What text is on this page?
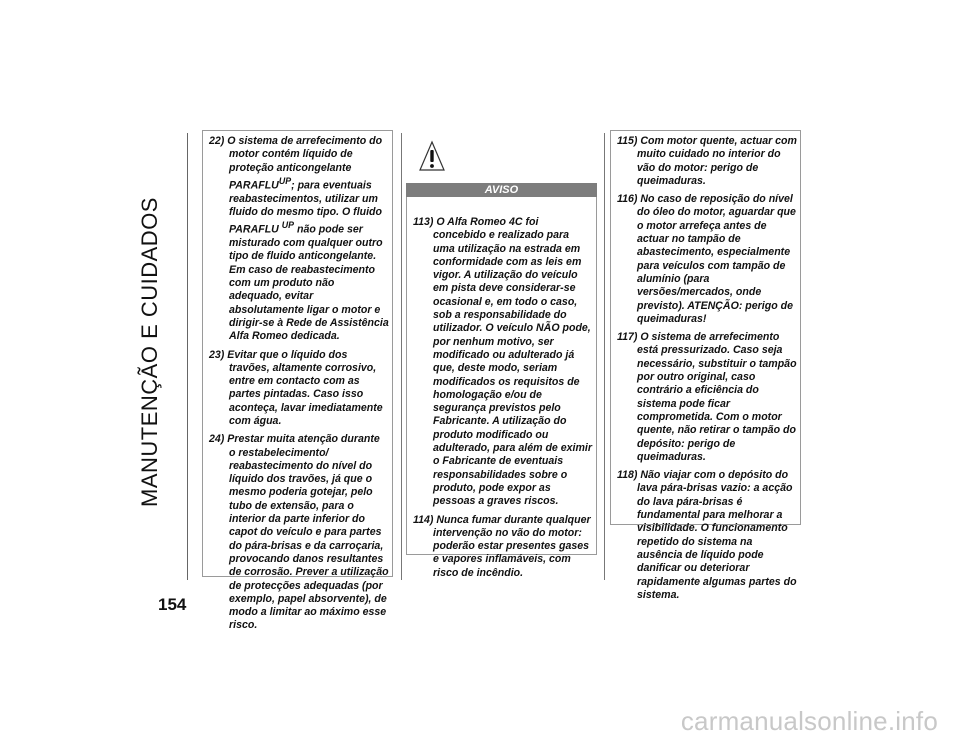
MANUTENÇÃO E CUIDADOS
154
22) O sistema de arrefecimento do motor contém líquido de proteção anticongelante $PARAFLU^{UP}$; para eventuais reabastecimentos, utilizar um fluido do mesmo tipo. O fluido PARAFLU $^{UP}$ não pode ser misturado com qualquer outro tipo de fluido anticongelante. Em caso de reabastecimento com um produto não adequado, evitar absolutamente ligar o motor e dirigir-se à Rede de Assistência Alfa Romeo dedicada.
23) Evitar que o líquido dos travões, altamente corrosivo, entre em contacto com as partes pintadas. Caso isso aconteça, lavar imediatamente com água.
24) Prestar muita atenção durante o restabelecimento/ reabastecimento do nível do líquido dos travões, já que o mesmo poderia gotejar, pelo tubo de extensão, para o interior da parte inferior do capot do veículo e para partes do pára-brisas e da carroçaria, provocando danos resultantes de corrosão. Prever a utilização de protecções adequadas (por exemplo, papel absorvente), de modo a limitar ao máximo esse risco.
113) O Alfa Romeo 4C foi concebido e realizado para uma utilização na estrada em conformidade com as leis em vigor. A utilização do veículo em pista deve considerar-se ocasional e, em todo o caso, sob a responsabilidade do utilizador. O veículo NÃO pode, por nenhum motivo, ser modificado ou adulterado já que, deste modo, seriam modificados os requisitos de homologação e/ou de segurança previstos pelo Fabricante. A utilização do produto modificado ou adulterado, para além de eximir o Fabricante de eventuais responsabilidades sobre o produto, pode expor as pessoas a graves riscos.
114) Nunca fumar durante qualquer intervenção no vão do motor: poderão estar presentes gases e vapores inflamáveis, com risco de incêndio.
AVISO
115) Com motor quente, actuar com muito cuidado no interior do vão do motor: perigo de queimaduras.
116) No caso de reposição do nível do óleo do motor, aguardar que o motor arrefeça antes de actuar no tampão de abastecimento, especialmente para veículos com tampão de alumínio (para versões/mercados, onde previsto). ATENÇÃO: perigo de queimaduras!
117) O sistema de arrefecimento está pressurizado. Caso seja necessário, substituir o tampão por outro original, caso contrário a eficiência do sistema pode ficar comprometida. Com o motor quente, não retirar o tampão do depósito: perigo de queimaduras.
118) Não viajar com o depósito do lava pára-brisas vazio: a acção do lava pára-brisas é fundamental para melhorar a visibilidade. O funcionamento repetido do sistema na ausência de líquido pode danificar ou deteriorar rapidamente algumas partes do sistema.
carmanualsonline.info
